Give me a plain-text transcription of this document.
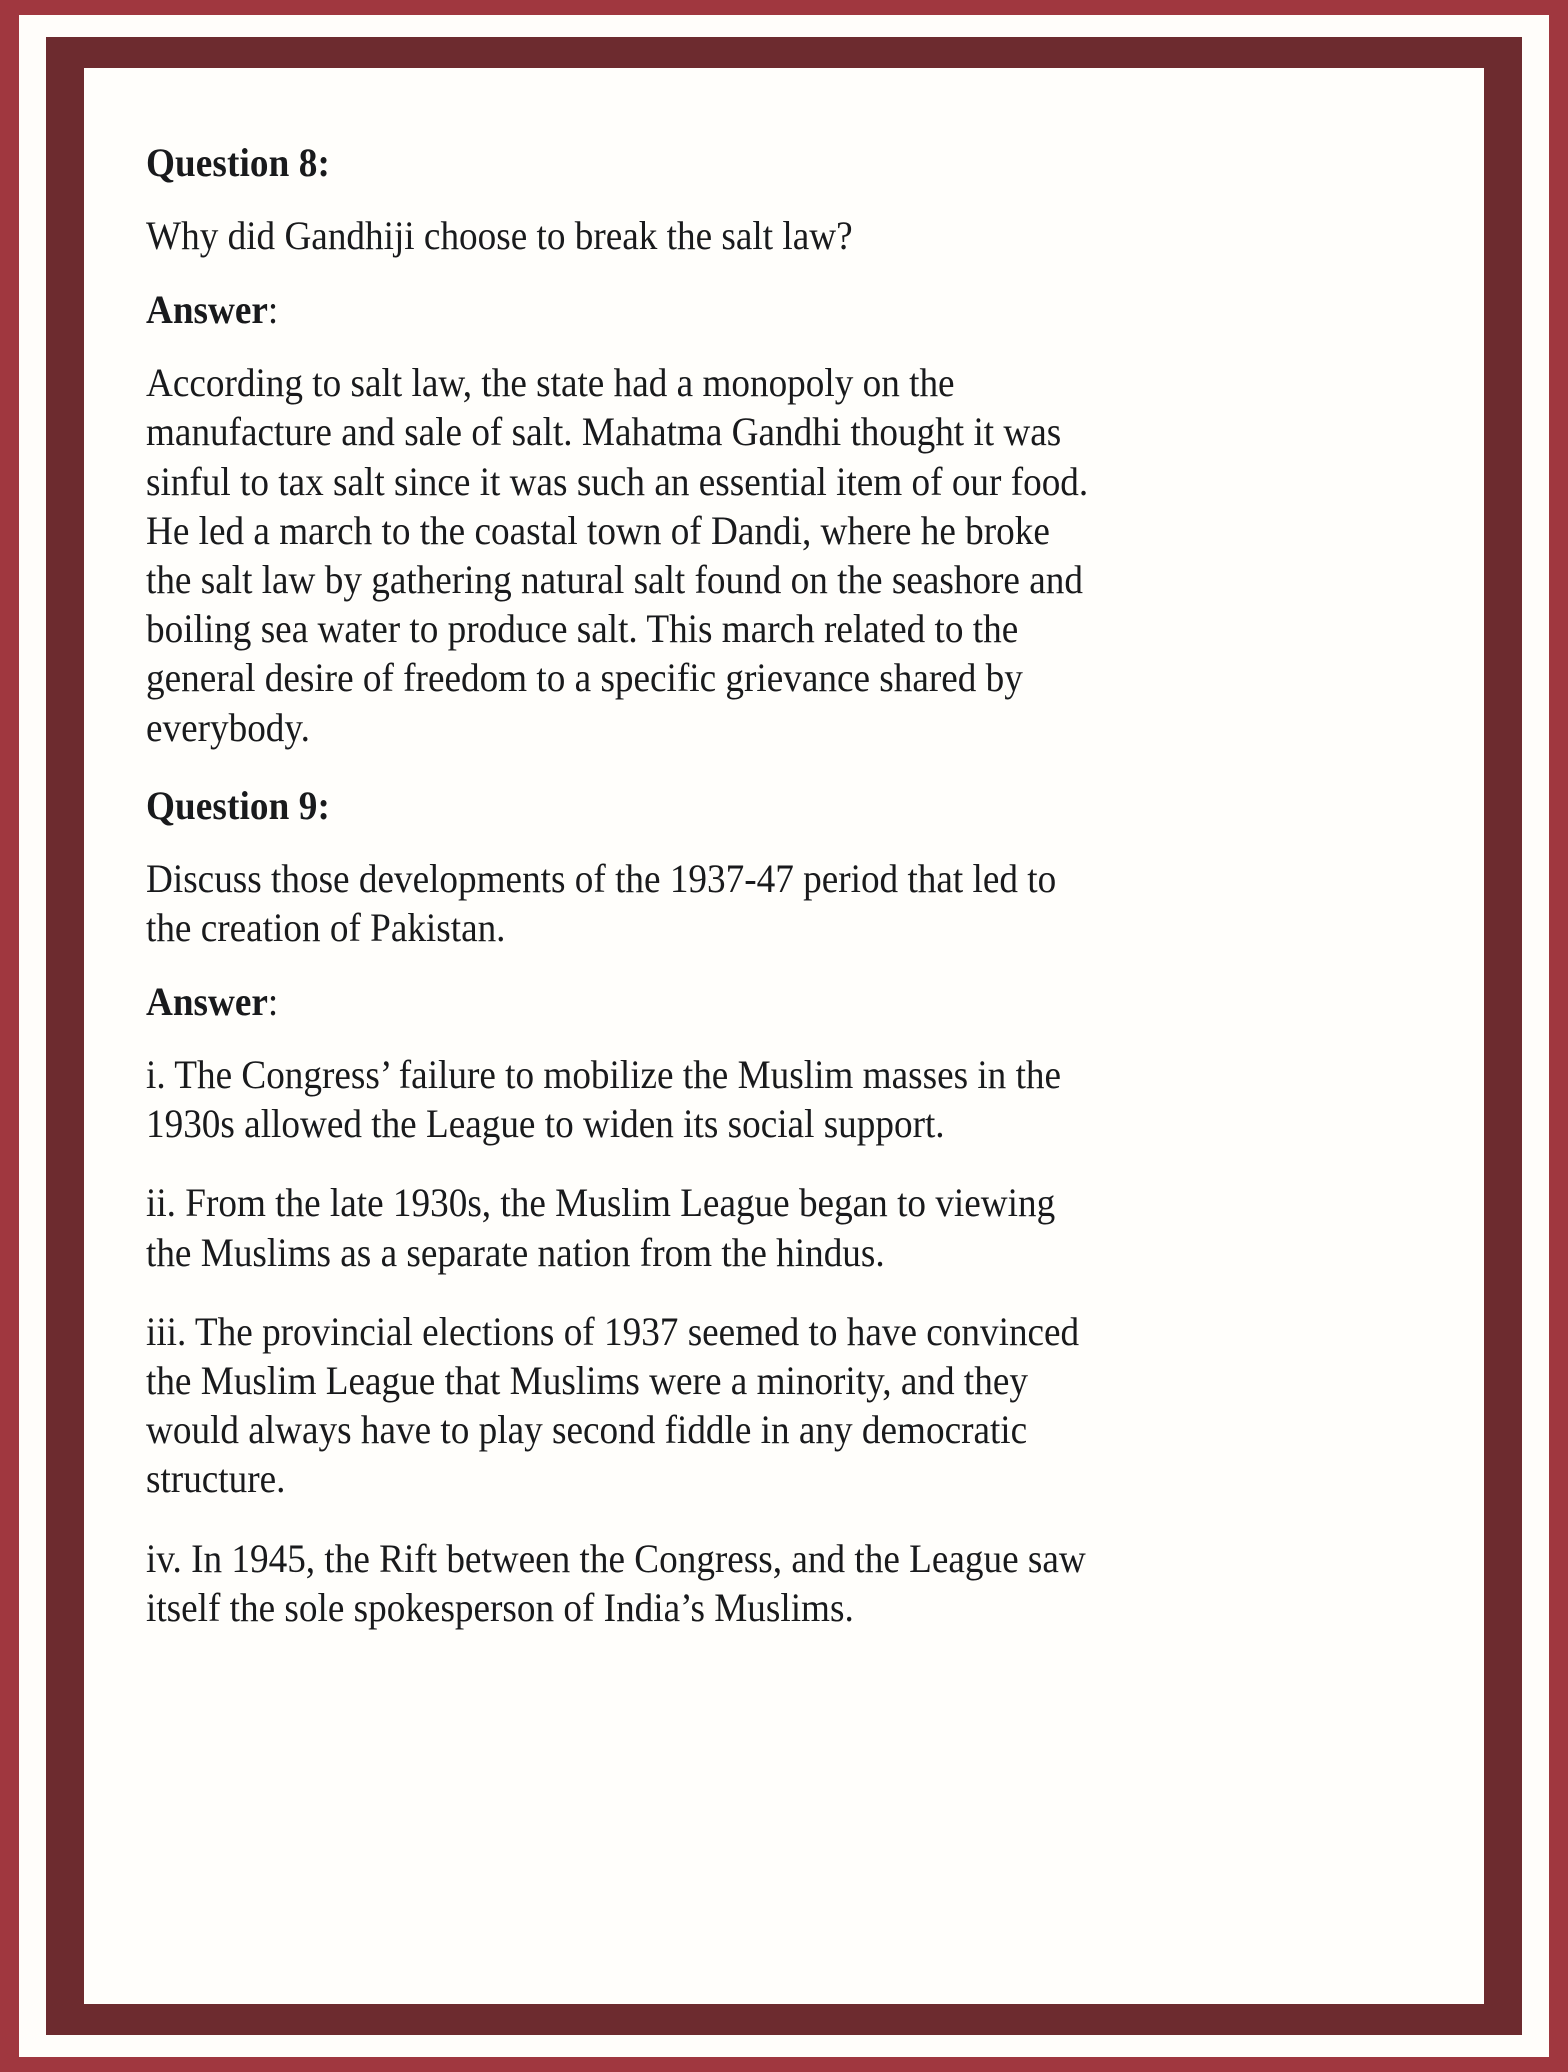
Question 8:
Why did Gandhiji choose to break the salt law?
Answer:
According to salt law, the state had a monopoly on the manufacture and sale of salt. Mahatma Gandhi thought it was sinful to tax salt since it was such an essential item of our food. He led a march to the coastal town of Dandi, where he broke the salt law by gathering natural salt found on the seashore and boiling sea water to produce salt. This march related to the general desire of freedom to a specific grievance shared by everybody.
Question 9:
Discuss those developments of the 1937-47 period that led to the creation of Pakistan.
Answer:
i. The Congress’ failure to mobilize the Muslim masses in the 1930s allowed the League to widen its social support.
ii. From the late 1930s, the Muslim League began to viewing the Muslims as a separate nation from the hindus.
iii. The provincial elections of 1937 seemed to have convinced the Muslim League that Muslims were a minority, and they would always have to play second fiddle in any democratic structure.
iv. In 1945, the Rift between the Congress, and the League saw itself the sole spokesperson of India’s Muslims.
